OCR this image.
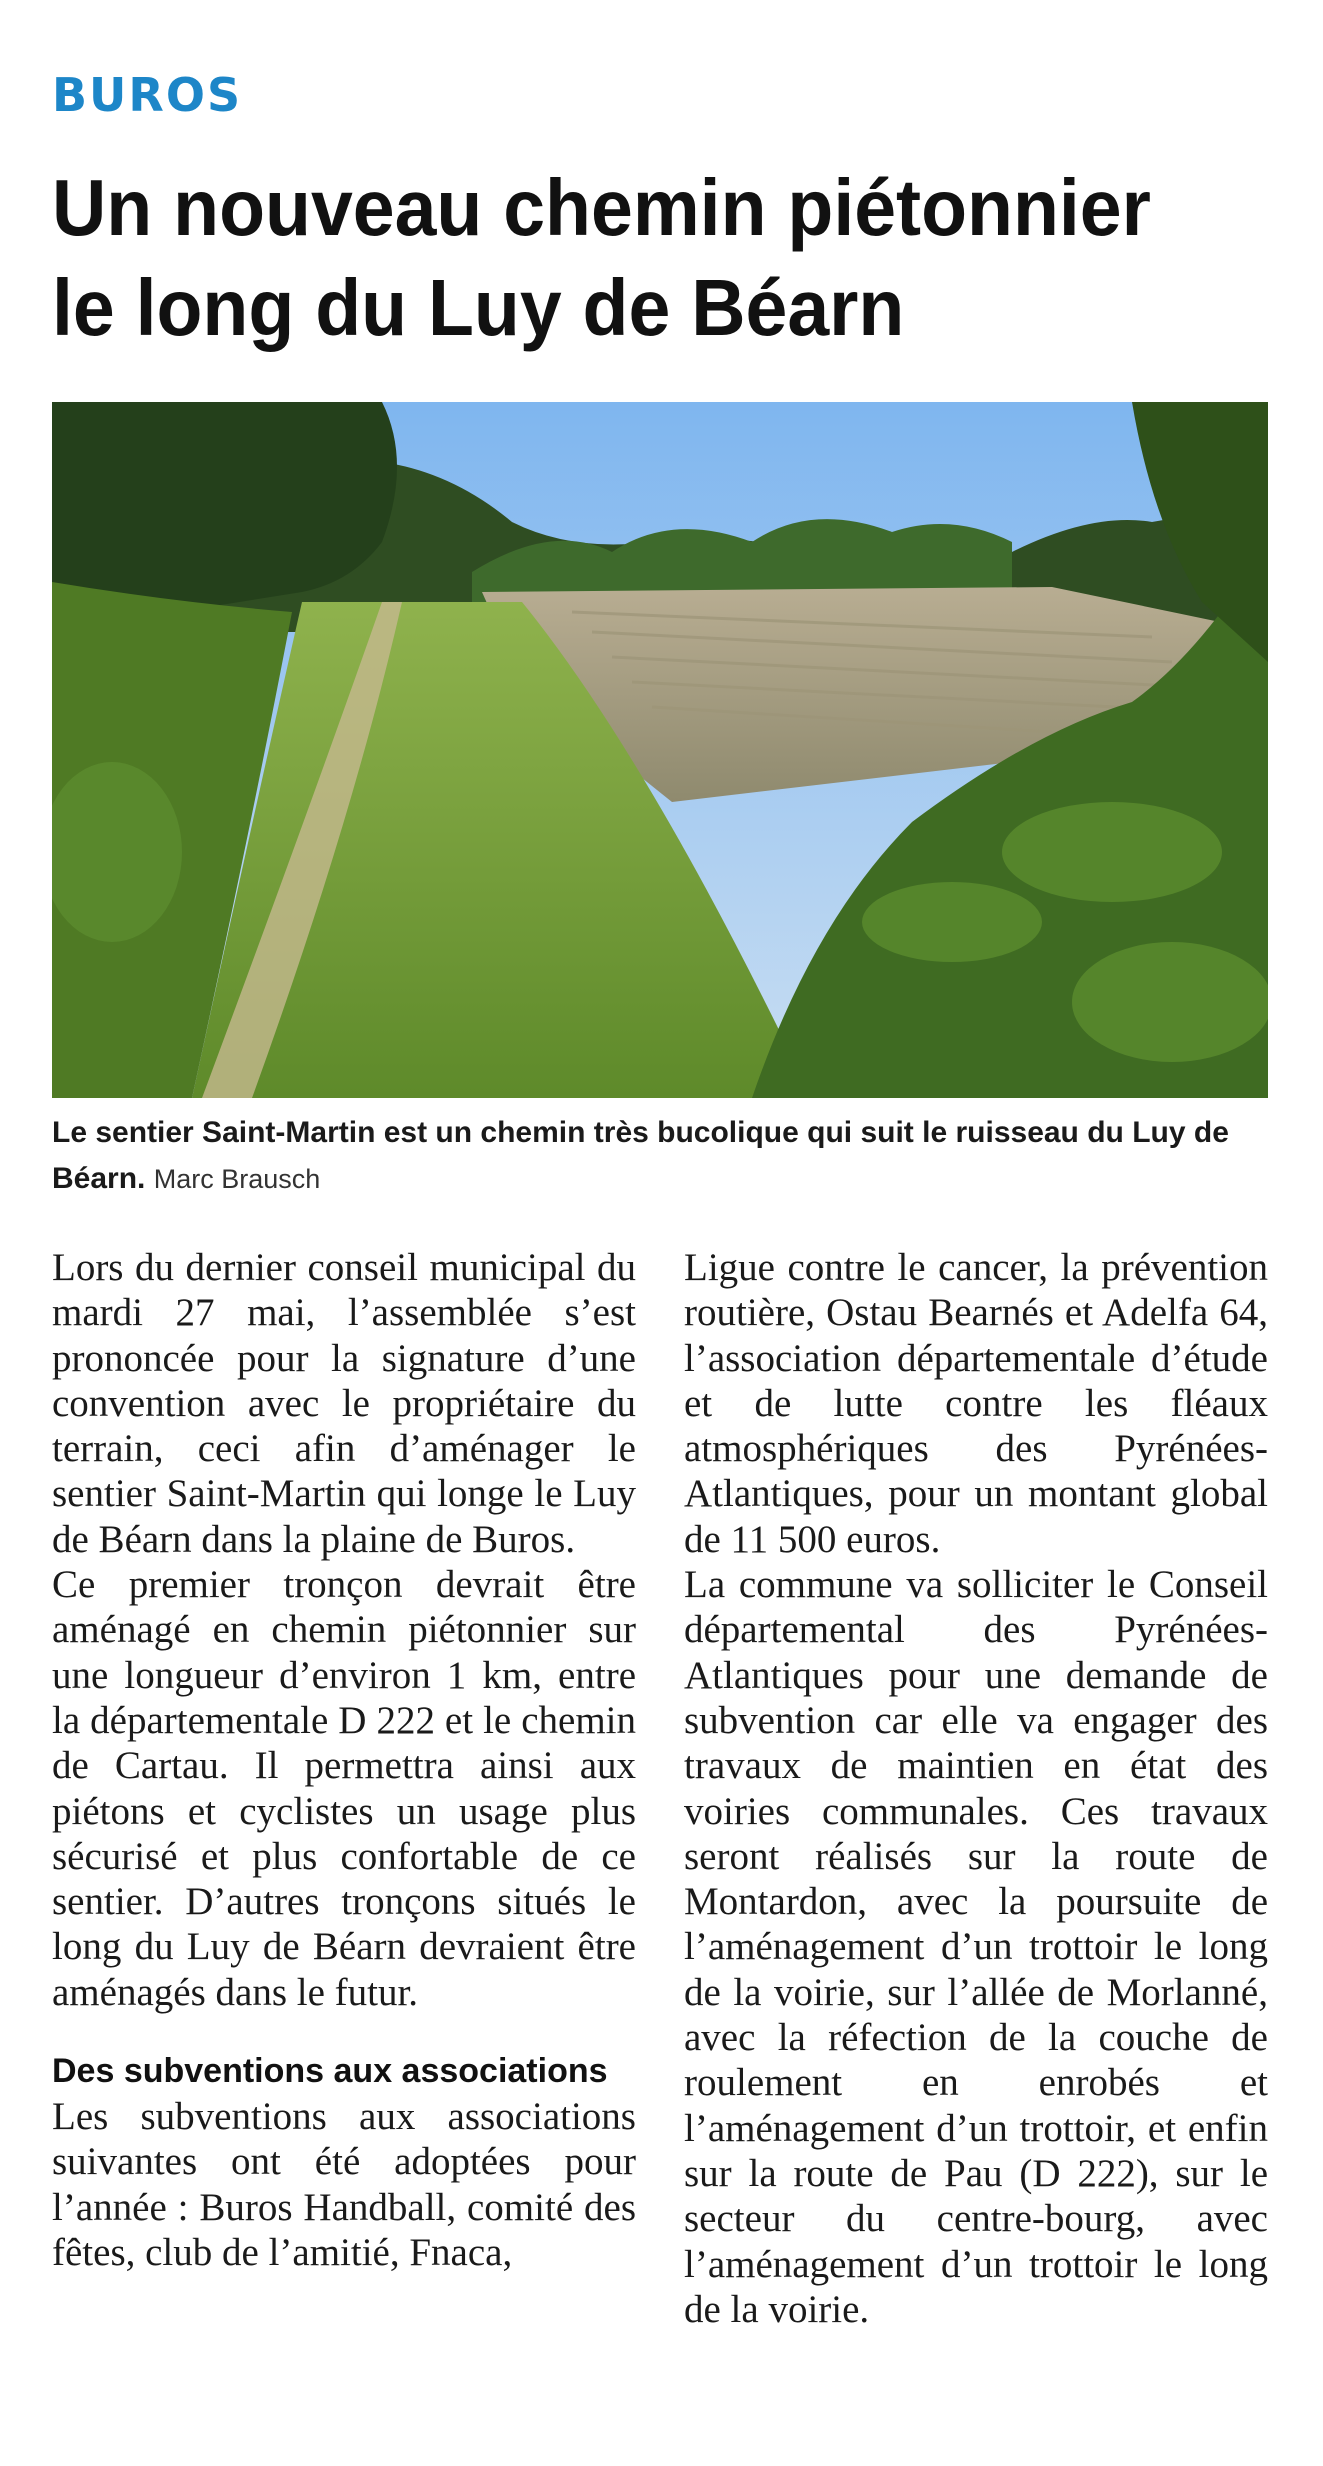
BUROS
Un nouveau chemin piétonnier
le long du Luy de Béarn
Le sentier Saint-Martin est un chemin très bucolique qui suit le ruisseau du Luy de Béarn. Marc Brausch

Lors du dernier conseil municipal du mardi 27 mai, l’assemblée s’est prononcée pour la signature d’une convention avec le propriétaire du terrain, ceci afin d’aménager le sentier Saint-Martin qui longe le Luy de Béarn dans la plaine de Buros.

Ce premier tronçon devrait être aménagé en chemin piétonnier sur une longueur d’environ 1 km, entre la départementale D 222 et le chemin de Cartau. Il permettra ainsi aux piétons et cyclistes un usage plus sécurisé et plus confortable de ce sentier. D’autres tronçons situés le long du Luy de Béarn devraient être aménagés dans le futur.

Des subventions aux associations

Les subventions aux associations suivantes ont été adoptées pour l’année : Buros Handball, comité des fêtes, club de l’amitié, Fnaca,

Ligue contre le cancer, la prévention routière, Ostau Bearnés et Adelfa 64, l’association départementale d’étude et de lutte contre les fléaux atmosphériques des Pyrénées-Atlantiques, pour un montant global de 11 500 euros.

La commune va solliciter le Conseil départemental des Pyrénées-Atlantiques pour une demande de subvention car elle va engager des travaux de maintien en état des voiries communales. Ces travaux seront réalisés sur la route de Montardon, avec la poursuite de l’aménagement d’un trottoir le long de la voirie, sur l’allée de Morlanné, avec la réfection de la couche de roulement en enrobés et l’aménagement d’un trottoir, et enfin sur la route de Pau (D 222), sur le secteur du centre-bourg, avec l’aménagement d’un trottoir le long de la voirie.
